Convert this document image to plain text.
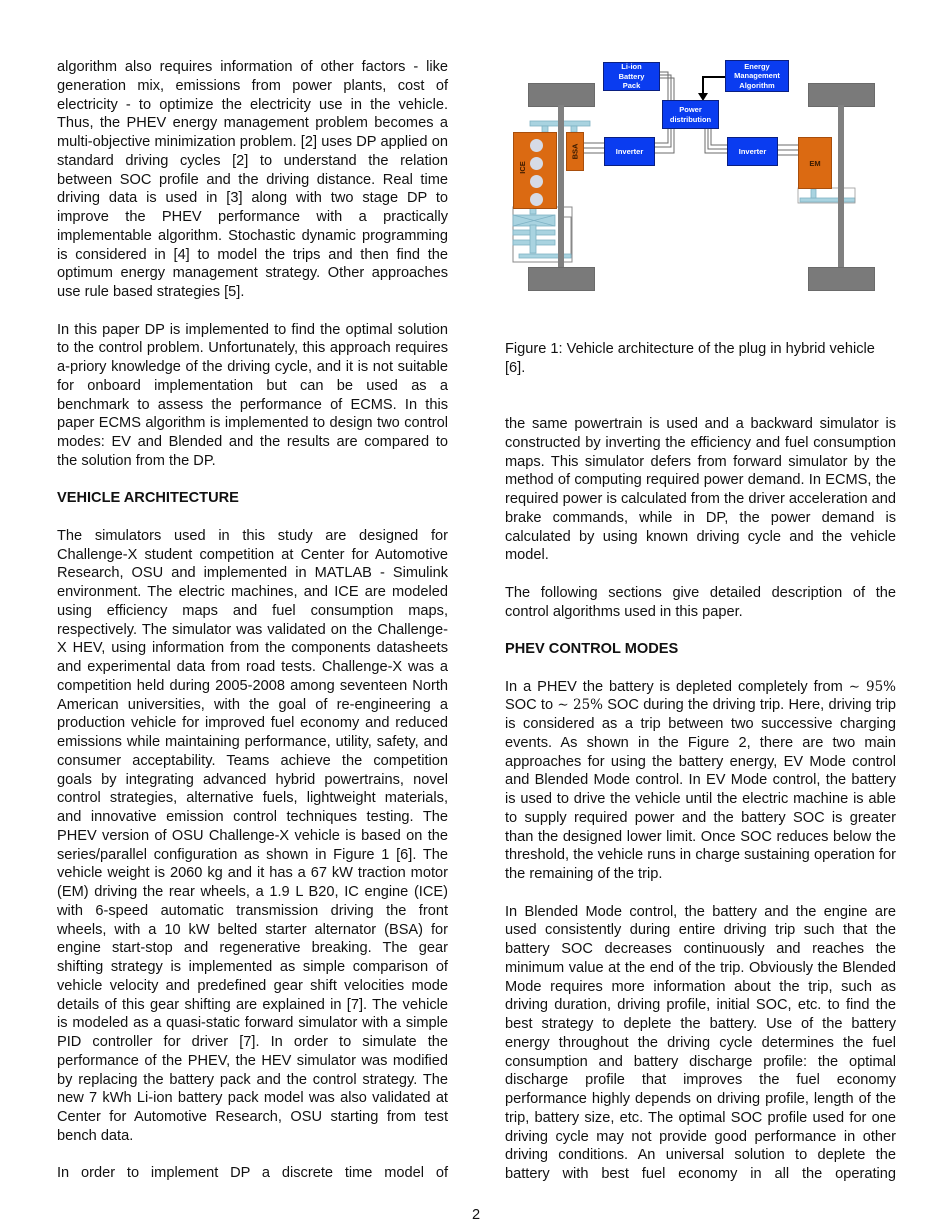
algorithm also requires information of other factors - like generation mix, emissions from power plants, cost of electricity - to optimize the electricity use in the vehicle. Thus, the PHEV energy management problem becomes a multi-objective minimization problem. [2] uses DP applied on standard driving cycles [2] to understand the relation between SOC profile and the driving distance. Real time driving data is used in [3] along with two stage DP to improve the PHEV performance with a practically implementable algorithm. Stochastic dynamic programming is considered in [4] to model the trips and then find the optimum energy management strategy. Other approaches use rule based strategies [5].

In this paper DP is implemented to find the optimal solution to the control problem. Unfortunately, this approach requires a-priory knowledge of the driving cycle, and it is not suitable for onboard implementation but can be used as a benchmark to assess the performance of ECMS. In this paper ECMS algorithm is implemented to design two control modes: EV and Blended and the results are compared to the solution from the DP.

VEHICLE ARCHITECTURE

The simulators used in this study are designed for Challenge-X student competition at Center for Automotive Research, OSU and implemented in MATLAB - Simulink environment. The electric machines, and ICE are modeled using efficiency maps and fuel consumption maps, respectively. The simulator was validated on the Challenge-X HEV, using information from the components datasheets and experimental data from road tests. Challenge-X was a competition held during 2005-2008 among seventeen North American universities, with the goal of re-engineering a production vehicle for improved fuel economy and reduced emissions while maintaining performance, utility, safety, and consumer acceptability. Teams achieve the competition goals by integrating advanced hybrid powertrains, novel control strategies, alternative fuels, lightweight materials, and innovative emission control techniques testing. The PHEV version of OSU Challenge-X vehicle is based on the series/parallel configuration as shown in Figure 1 [6]. The vehicle weight is 2060 kg and it has a 67 kW traction motor (EM) driving the rear wheels, a 1.9 L B20, IC engine (ICE) with 6-speed automatic transmission driving the front wheels, with a 10 kW belted starter alternator (BSA) for engine start-stop and regenerative breaking. The gear shifting strategy is implemented as simple comparison of vehicle velocity and predefined gear shift velocities mode details of this gear shifting are explained in [7]. The vehicle is modeled as a quasi-static forward simulator with a simple PID controller for driver [7]. In order to simulate the performance of the PHEV, the HEV simulator was modified by replacing the battery pack and the control strategy. The new 7 kWh Li-ion battery pack model was also validated at Center for Automotive Research, OSU starting from test bench data.

In order to implement DP a discrete time model of

ICE
BSA
EM
Li-ion Battery Pack
Energy Management Algorithm
Power distribution
Inverter	Inverter

Figure 1: Vehicle architecture of the plug in hybrid vehicle [6].

the same powertrain is used and a backward simulator is constructed by inverting the efficiency and fuel consumption maps. This simulator defers from forward simulator by the method of computing required power demand. In ECMS, the required power is calculated from the driver acceleration and brake commands, while in DP, the power demand is calculated by using known driving cycle and the vehicle model.

The following sections give detailed description of the control algorithms used in this paper.

PHEV CONTROL MODES

In a PHEV the battery is depleted completely from ∼ 95% SOC to ∼ 25% SOC during the driving trip. Here, driving trip is considered as a trip between two successive charging events. As shown in the Figure 2, there are two main approaches for using the battery energy, EV Mode control and Blended Mode control. In EV Mode control, the battery is used to drive the vehicle until the electric machine is able to supply required power and the battery SOC is greater than the designed lower limit. Once SOC reduces below the threshold, the vehicle runs in charge sustaining operation for the remaining of the trip.

In Blended Mode control, the battery and the engine are used consistently during entire driving trip such that the battery SOC decreases continuously and reaches the minimum value at the end of the trip. Obviously the Blended Mode requires more information about the trip, such as driving duration, driving profile, initial SOC, etc. to find the best strategy to deplete the battery. Use of the battery energy throughout the driving cycle determines the fuel consumption and battery discharge profile: the optimal discharge profile that improves the fuel economy performance highly depends on driving profile, length of the trip, battery size, etc. The optimal SOC profile used for one driving cycle may not provide good performance in other driving conditions. An universal solution to deplete the battery with best fuel economy in all the operating

2
